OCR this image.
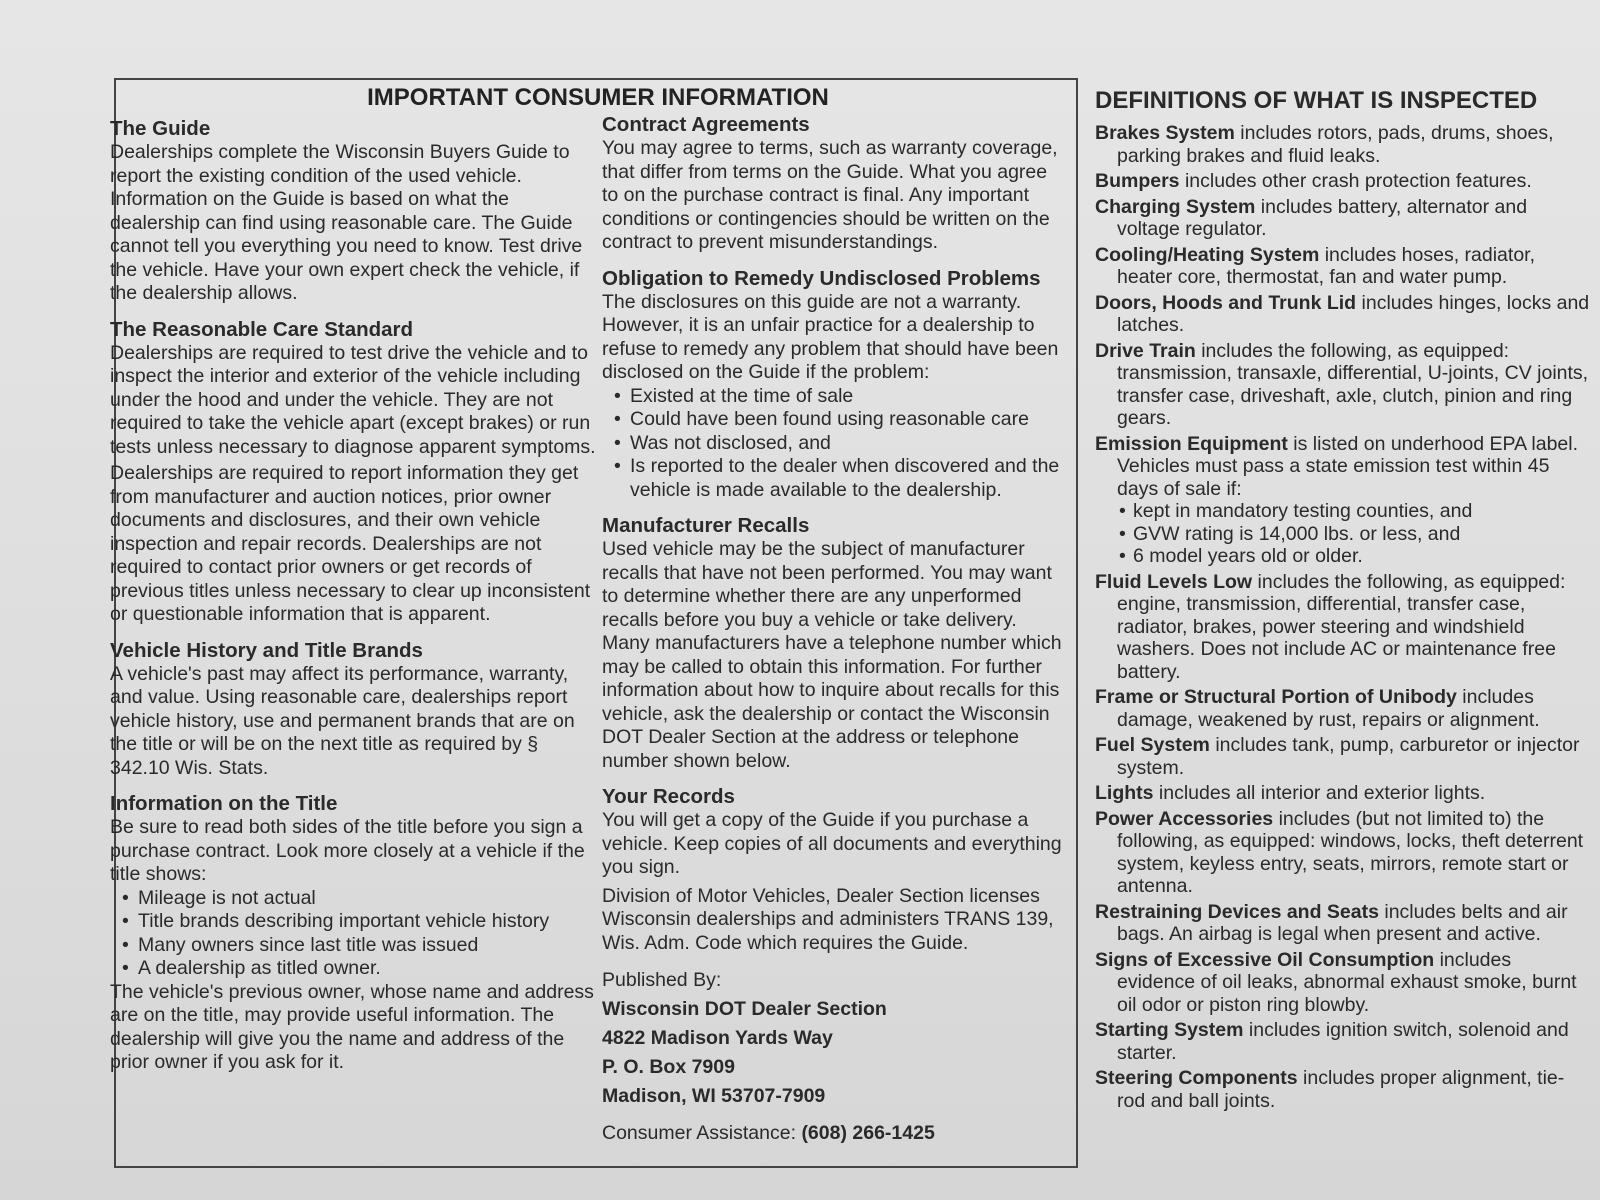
IMPORTANT CONSUMER INFORMATION
The Guide

Dealerships complete the Wisconsin Buyers Guide to report the existing condition of the used vehicle. Information on the Guide is based on what the dealership can find using reasonable care. The Guide cannot tell you everything you need to know. Test drive the vehicle. Have your own expert check the vehicle, if the dealership allows.

The Reasonable Care Standard

Dealerships are required to test drive the vehicle and to inspect the interior and exterior of the vehicle including under the hood and under the vehicle. They are not required to take the vehicle apart (except brakes) or run tests unless necessary to diagnose apparent symptoms.

Dealerships are required to report information they get from manufacturer and auction notices, prior owner documents and disclosures, and their own vehicle inspection and repair records. Dealerships are not required to contact prior owners or get records of previous titles unless necessary to clear up inconsistent or questionable information that is apparent.

Vehicle History and Title Brands

A vehicle's past may affect its performance, warranty, and value. Using reasonable care, dealerships report vehicle history, use and permanent brands that are on the title or will be on the next title as required by § 342.10 Wis. Stats.

Information on the Title

Be sure to read both sides of the title before you sign a purchase contract. Look more closely at a vehicle if the title shows:

• Mileage is not actual
• Title brands describing important vehicle history
• Many owners since last title was issued
• A dealership as titled owner.

The vehicle's previous owner, whose name and address are on the title, may provide useful information. The dealership will give you the name and address of the prior owner if you ask for it.

Contract Agreements

You may agree to terms, such as warranty coverage, that differ from terms on the Guide. What you agree to on the purchase contract is final. Any important conditions or contingencies should be written on the contract to prevent misunderstandings.

Obligation to Remedy Undisclosed Problems

The disclosures on this guide are not a warranty. However, it is an unfair practice for a dealership to refuse to remedy any problem that should have been disclosed on the Guide if the problem:

• Existed at the time of sale
• Could have been found using reasonable care
• Was not disclosed, and
• Is reported to the dealer when discovered and the vehicle is made available to the dealership.
Manufacturer Recalls

Used vehicle may be the subject of manufacturer recalls that have not been performed. You may want to determine whether there are any unperformed recalls before you buy a vehicle or take delivery. Many manufacturers have a telephone number which may be called to obtain this information. For further information about how to inquire about recalls for this vehicle, ask the dealership or contact the Wisconsin DOT Dealer Section at the address or telephone number shown below.

Your Records

You will get a copy of the Guide if you purchase a vehicle. Keep copies of all documents and everything you sign.

Division of Motor Vehicles, Dealer Section licenses Wisconsin dealerships and administers TRANS 139, Wis. Adm. Code which requires the Guide.

Published By:

Wisconsin DOT Dealer Section

4822 Madison Yards Way

P. O. Box 7909

Madison, WI 53707-7909

Consumer Assistance: (608) 266-1425

DEFINITIONS OF WHAT IS INSPECTED
Brakes System includes rotors, pads, drums, shoes, parking brakes and fluid leaks.
Bumpers includes other crash protection features.
Charging System includes battery, alternator and voltage regulator.
Cooling/Heating System includes hoses, radiator, heater core, thermostat, fan and water pump.
Doors, Hoods and Trunk Lid includes hinges, locks and latches.
Drive Train includes the following, as equipped: transmission, transaxle, differential, U-joints, CV joints, transfer case, driveshaft, axle, clutch, pinion and ring gears.
Emission Equipment is listed on underhood EPA label. Vehicles must pass a state emission test within 45 days of sale if:
• kept in mandatory testing counties, and
• GVW rating is 14,000 lbs. or less, and
• 6 model years old or older.
Fluid Levels Low includes the following, as equipped: engine, transmission, differential, transfer case, radiator, brakes, power steering and windshield washers. Does not include AC or maintenance free battery.
Frame or Structural Portion of Unibody includes damage, weakened by rust, repairs or alignment.
Fuel System includes tank, pump, carburetor or injector system.
Lights includes all interior and exterior lights.
Power Accessories includes (but not limited to) the following, as equipped: windows, locks, theft deterrent system, keyless entry, seats, mirrors, remote start or antenna.
Restraining Devices and Seats includes belts and air bags. An airbag is legal when present and active.
Signs of Excessive Oil Consumption includes evidence of oil leaks, abnormal exhaust smoke, burnt oil odor or piston ring blowby.
Starting System includes ignition switch, solenoid and starter.
Steering Components includes proper alignment, tie-rod and ball joints.
